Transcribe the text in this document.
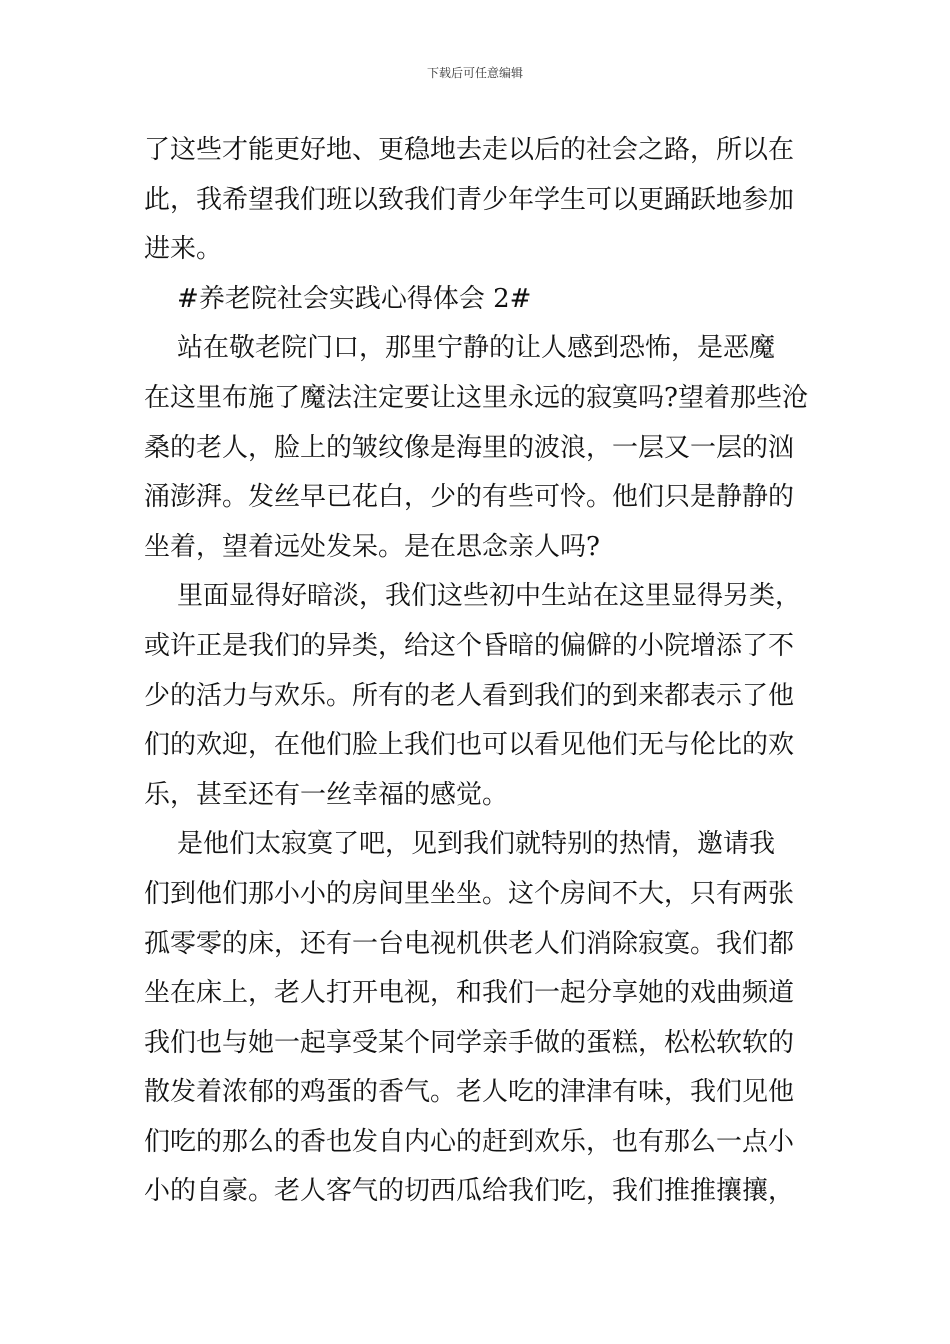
下载后可任意编辑
了这些才能更好地、更稳地去走以后的社会之路，所以在
此，我希望我们班以致我们青少年学生可以更踊跃地参加
进来。
#养老院社会实践心得体会 2#
站在敬老院门口，那里宁静的让人感到恐怖，是恶魔
在这里布施了魔法注定要让这里永远的寂寞吗?望着那些沧
桑的老人，脸上的皱纹像是海里的波浪，一层又一层的汹
涌澎湃。发丝早已花白，少的有些可怜。他们只是静静的
坐着，望着远处发呆。是在思念亲人吗?
里面显得好暗淡，我们这些初中生站在这里显得另类，
或许正是我们的异类，给这个昏暗的偏僻的小院增添了不
少的活力与欢乐。所有的老人看到我们的到来都表示了他
们的欢迎，在他们脸上我们也可以看见他们无与伦比的欢
乐，甚至还有一丝幸福的感觉。
是他们太寂寞了吧，见到我们就特别的热情，邀请我
们到他们那小小的房间里坐坐。这个房间不大，只有两张
孤零零的床，还有一台电视机供老人们消除寂寞。我们都
坐在床上，老人打开电视，和我们一起分享她的戏曲频道
我们也与她一起享受某个同学亲手做的蛋糕，松松软软的
散发着浓郁的鸡蛋的香气。老人吃的津津有味，我们见他
们吃的那么的香也发自内心的赶到欢乐，也有那么一点小
小的自豪。老人客气的切西瓜给我们吃，我们推推攘攘，
